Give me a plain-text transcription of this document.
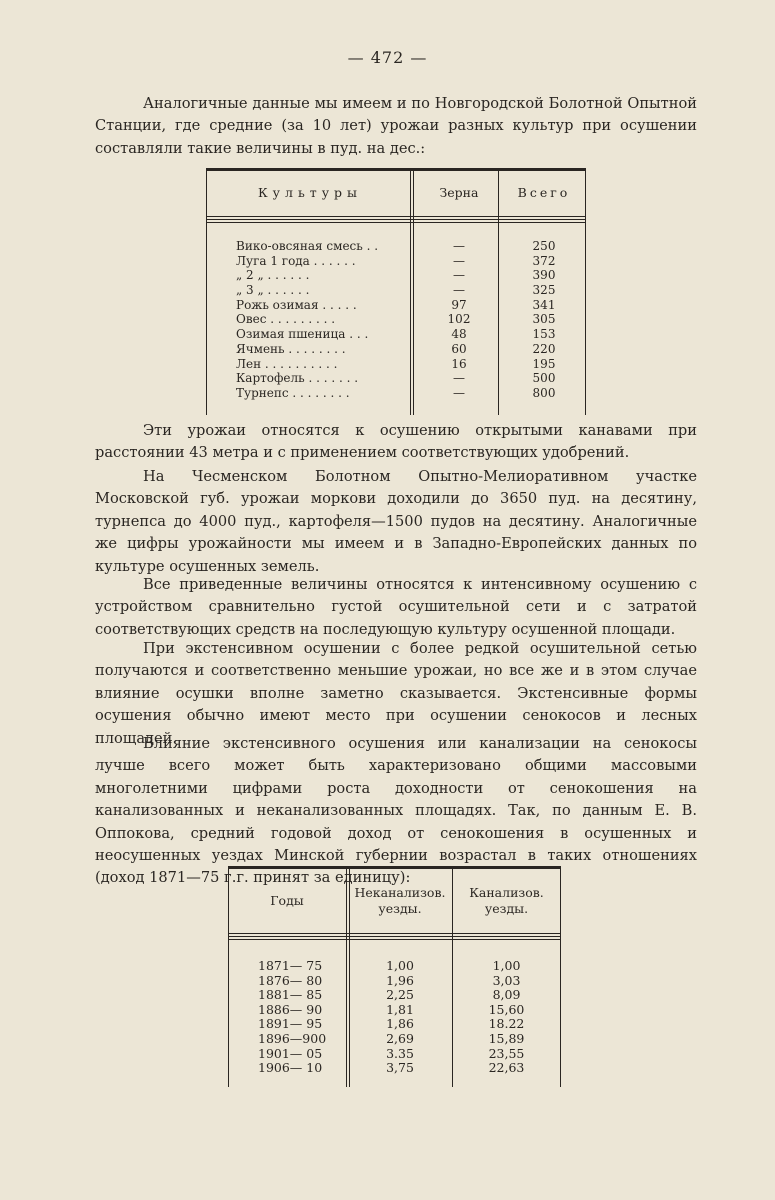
— 472 —

Аналогичные данные мы имеем и по Новгородской Болотной Опытной Станции, где средние (за 10 лет) урожаи разных культур при осушении составляли такие величины в пуд. на дес.:

Культуры	Зерна	Всего
Вико-овсяная смесь . .	—	250
Луга 1 года . . . . . .	—	372
„ 2 „ . . . . . .	—	390
„ 3 „ . . . . . .	—	325
Рожь озимая . . . . .	97	341
Овес . . . . . . . . .	102	305
Озимая пшеница . . .	48	153
Ячмень . . . . . . . .	60	220
Лен . . . . . . . . . .	16	195
Картофель . . . . . . .	—	500
Турнепс . . . . . . . .	—	800

Эти урожаи относятся к осушению открытыми канавами при расстоянии 43 метра и с применением соответствующих удобрений.

На Чесменском Болотном Опытно-Мелиоративном участке Московской губ. урожаи моркови доходили до 3650 пуд. на десятину, турнепса до 4000 пуд., картофеля—1500 пудов на десятину. Аналогичные же цифры урожайности мы имеем и в Западно-Европейских данных по культуре осушенных земель.

Все приведенные величины относятся к интенсивному осушению с устройством сравнительно густой осушительной сети и с затратой соответствующих средств на последующую культуру осушенной площади.

При экстенсивном осушении с более редкой осушительной сетью получаются и соответственно меньшие урожаи, но все же и в этом случае влияние осушки вполне заметно сказывается. Экстенсивные формы осушения обычно имеют место при осушении сенокосов и лесных площадей.

Влияние экстенсивного осушения или канализации на сенокосы лучше всего может быть характеризовано общими массовыми многолетними цифрами роста доходности от сенокошения на канализованных и неканализованных площадях. Так, по данным Е. В. Оппокова, средний годовой доход от сенокошения в осушенных и неосушенных уездах Минской губернии возрастал в таких отношениях (доход 1871—75 г.г. принят за единицу):

Годы
Неканализов. уезды.
Канализов. уезды.
1871— 75	1,00	1,00
1876— 80	1,96	3,03
1881— 85	2,25	8,09
1886— 90	1,81	15,60
1891— 95	1,86	18.22
1896—900	2,69	15,89
1901— 05	3.35	23,55
1906— 10	3,75	22,63
